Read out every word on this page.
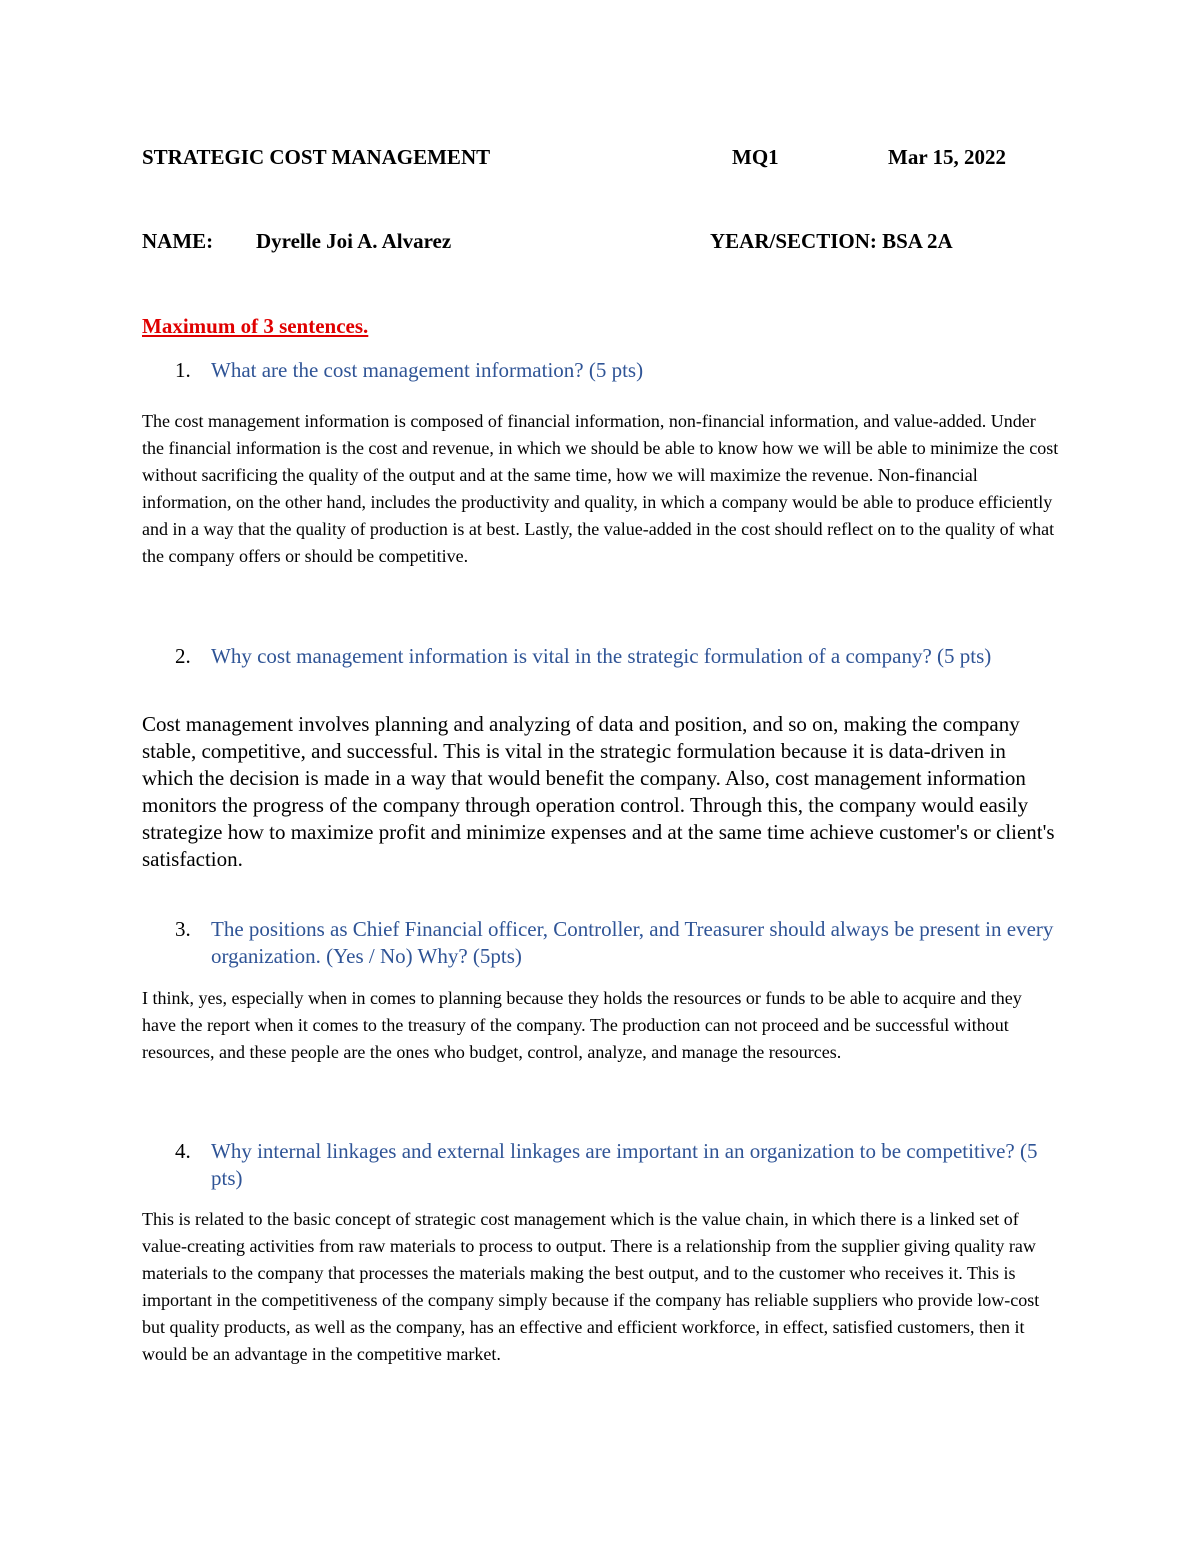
STRATEGIC COST MANAGEMENT	MQ1	Mar 15, 2022
NAME: Dyrelle Joi A. Alvarez	YEAR/SECTION: BSA 2A
Maximum of 3 sentences.
1. What are the cost management information? (5 pts)
The cost management information is composed of financial information, non-financial information, and value-added. Under the financial information is the cost and revenue, in which we should be able to know how we will be able to minimize the cost without sacrificing the quality of the output and at the same time, how we will maximize the revenue. Non-financial information, on the other hand, includes the productivity and quality, in which a company would be able to produce efficiently and in a way that the quality of production is at best. Lastly, the value-added in the cost should reflect on to the quality of what the company offers or should be competitive.
2. Why cost management information is vital in the strategic formulation of a company? (5 pts)
Cost management involves planning and analyzing of data and position, and so on, making the company stable, competitive, and successful. This is vital in the strategic formulation because it is data-driven in which the decision is made in a way that would benefit the company. Also, cost management information monitors the progress of the company through operation control. Through this, the company would easily strategize how to maximize profit and minimize expenses and at the same time achieve customer's or client's satisfaction.
3. The positions as Chief Financial officer, Controller, and Treasurer should always be present in every organization. (Yes / No) Why? (5pts)
I think, yes, especially when in comes to planning because they holds the resources or funds to be able to acquire and they have the report when it comes to the treasury of the company. The production can not proceed and be successful without resources, and these people are the ones who budget, control, analyze, and manage the resources.
4. Why internal linkages and external linkages are important in an organization to be competitive? (5 pts)
This is related to the basic concept of strategic cost management which is the value chain, in which there is a linked set of value-creating activities from raw materials to process to output. There is a relationship from the supplier giving quality raw materials to the company that processes the materials making the best output, and to the customer who receives it. This is important in the competitiveness of the company simply because if the company has reliable suppliers who provide low-cost but quality products, as well as the company, has an effective and efficient workforce, in effect, satisfied customers, then it would be an advantage in the competitive market.
